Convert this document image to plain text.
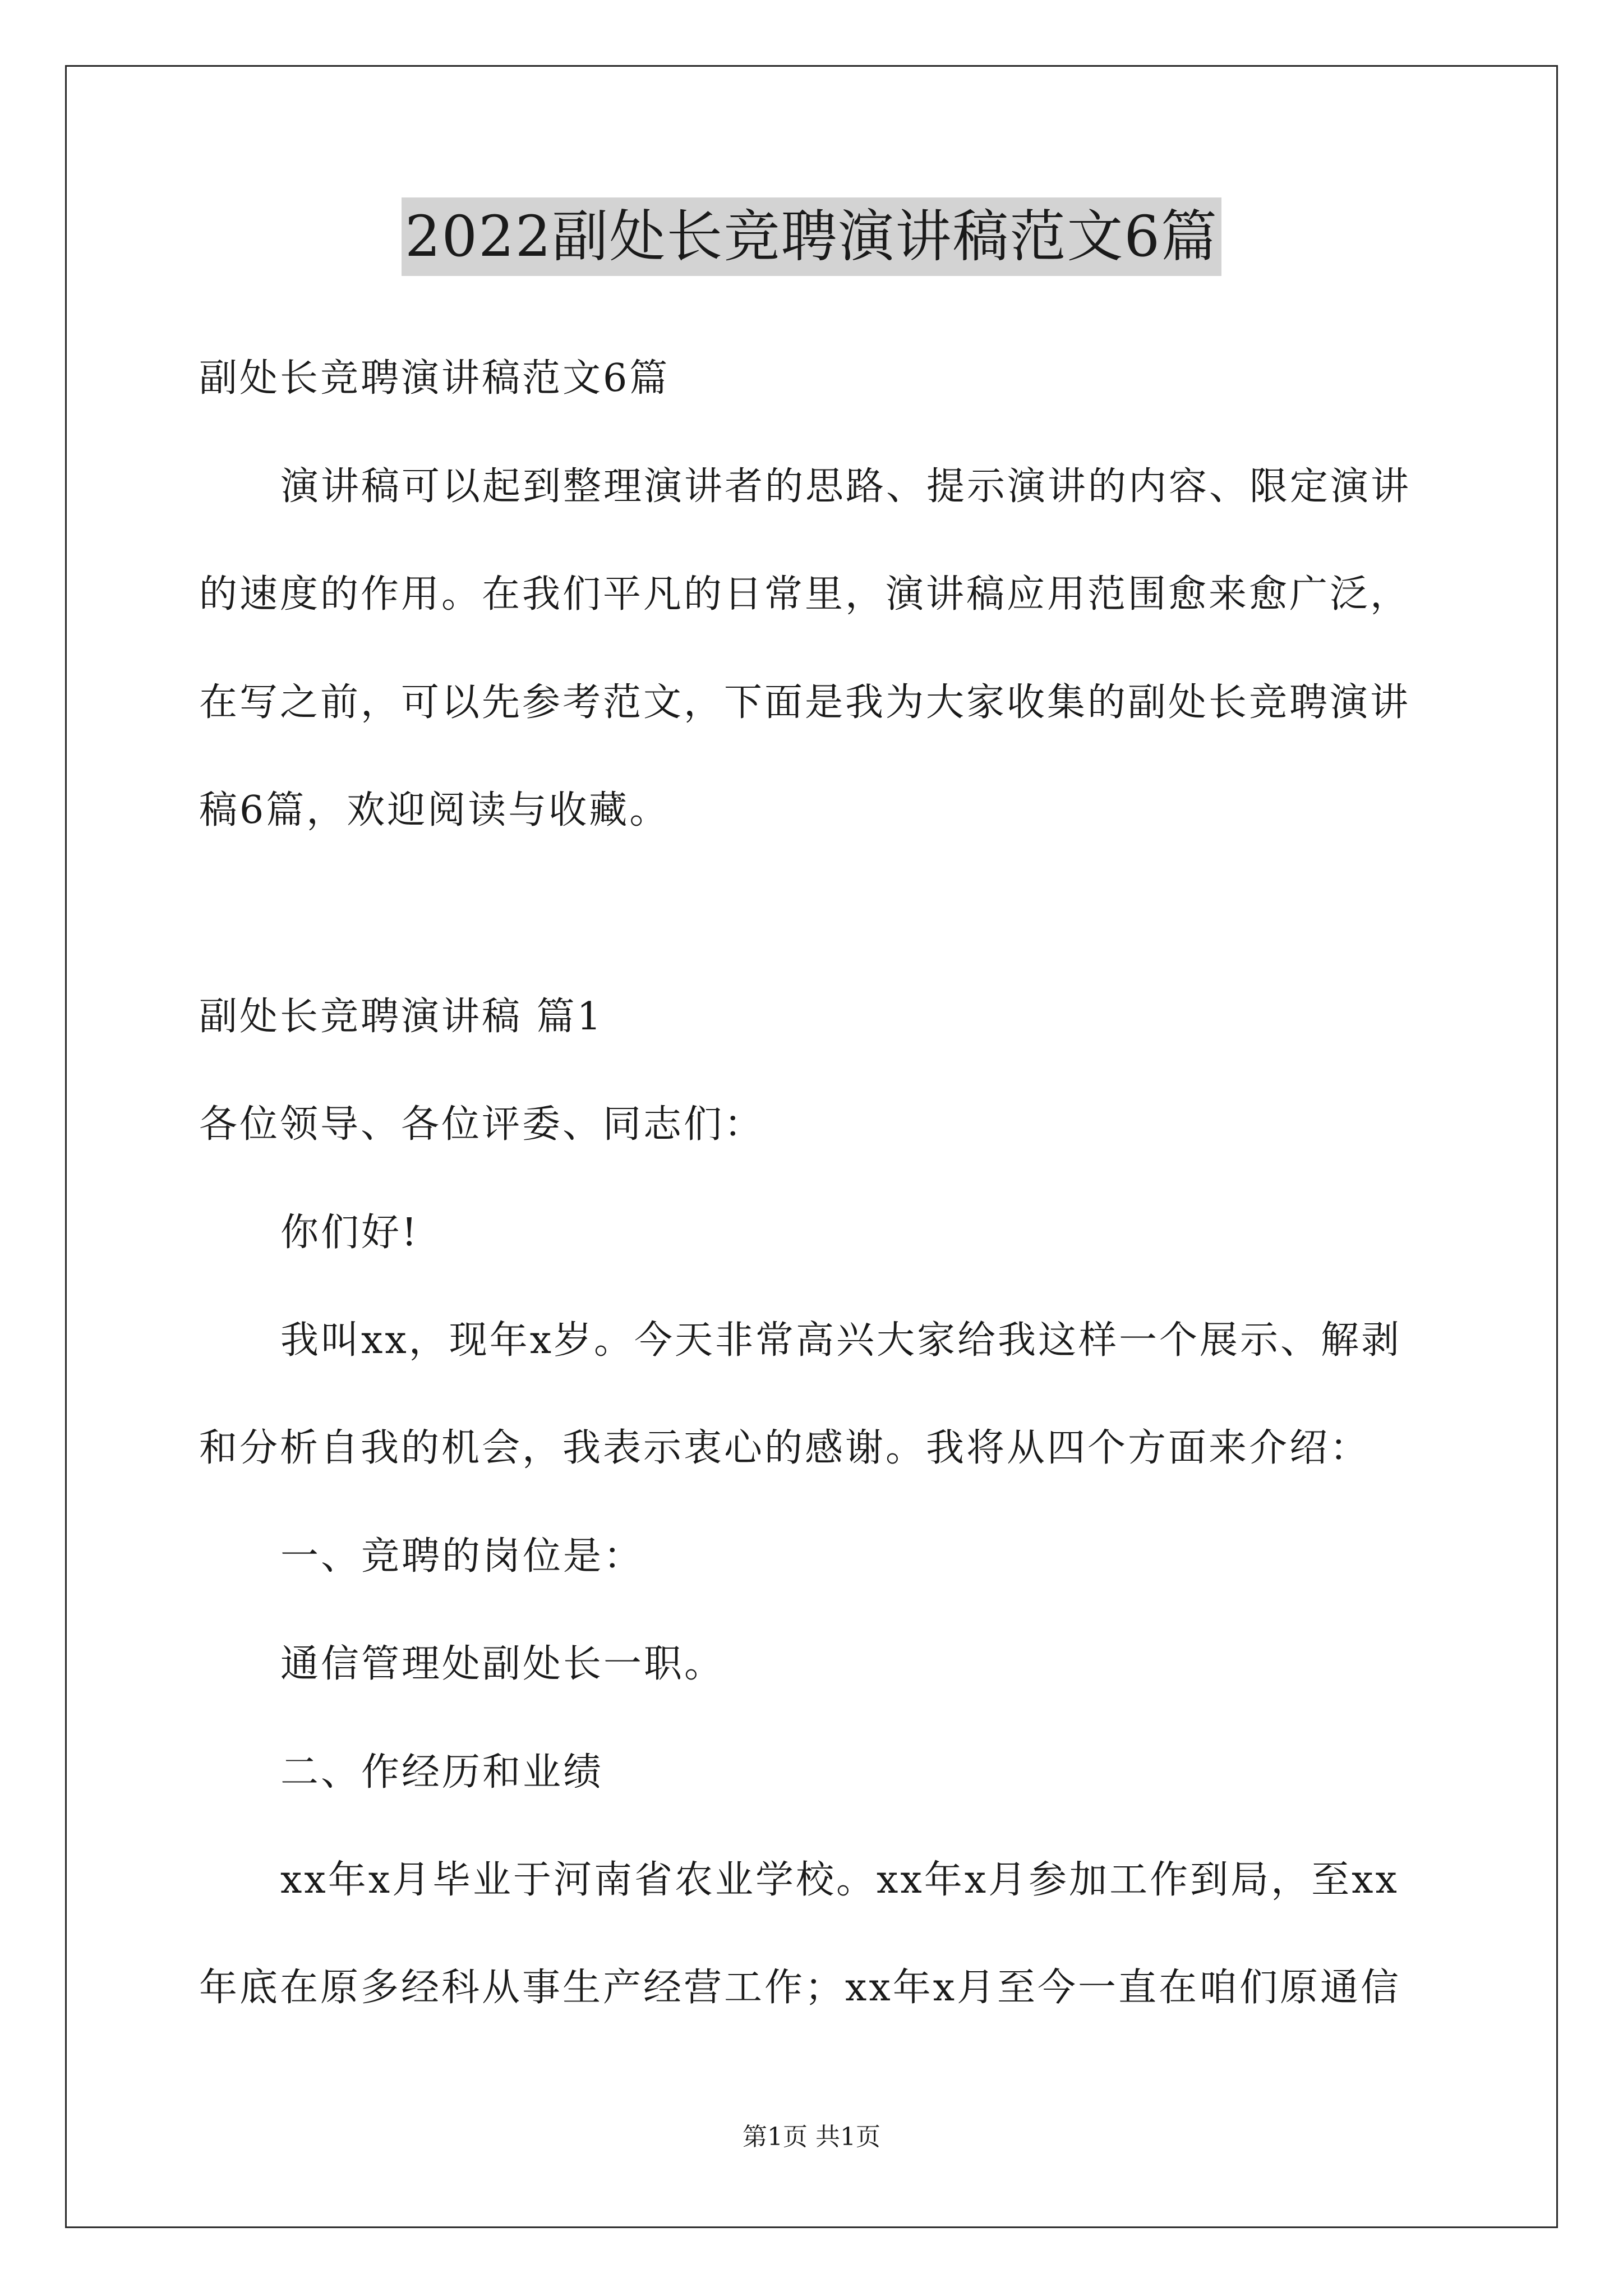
2022副处长竞聘演讲稿范文6篇
副处长竞聘演讲稿范文6篇
演讲稿可以起到整理演讲者的思路、提示演讲的内容、限定演讲
的速度的作用。在我们平凡的日常里，演讲稿应用范围愈来愈广泛，
在写之前，可以先参考范文，下面是我为大家收集的副处长竞聘演讲
稿6篇，欢迎阅读与收藏。
副处长竞聘演讲稿 篇1
各位领导、各位评委、同志们：
你们好!
我叫xx，现年x岁。今天非常高兴大家给我这样一个展示、解剥
和分析自我的机会，我表示衷心的感谢。我将从四个方面来介绍：
一、竞聘的岗位是：
通信管理处副处长一职。
二、作经历和业绩
xx年x月毕业于河南省农业学校。xx年x月参加工作到局，至xx
年底在原多经科从事生产经营工作；xx年x月至今一直在咱们原通信
第1页 共1页
